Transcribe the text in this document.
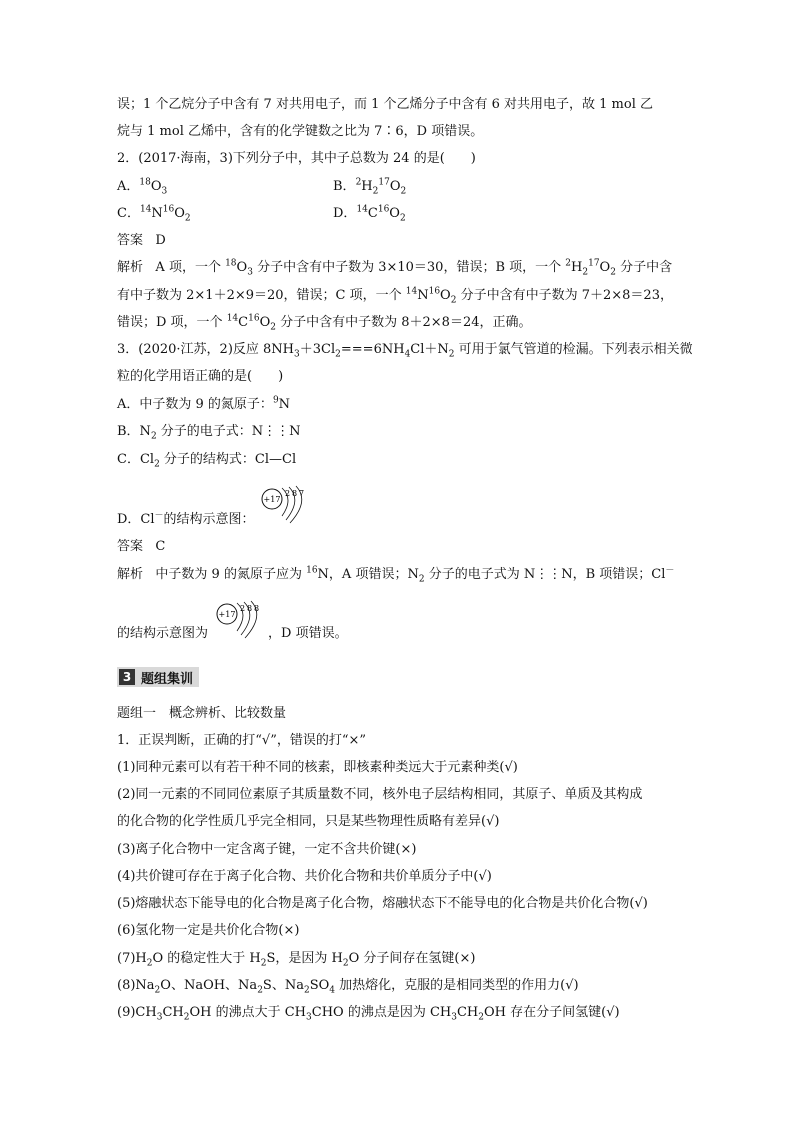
误；1 个乙烷分子中含有 7 对共用电子，而 1 个乙烯分子中含有 6 对共用电子，故 1 mol 乙
烷与 1 mol 乙烯中，含有的化学键数之比为 7∶6，D 项错误。
2．(2017·海南，3)下列分子中，其中子总数为 24 的是(　　)
A．$^{18}O_3$	B．$^2H_2^{17}O_2$
C．$^{14}N^{16}O_2$	D．$^{14}C^{16}O_2$
答案 D
解析 A 项，一个 $^{18}O_3$ 分子中含有中子数为 3×10＝30，错误；B 项，一个 $^2H_2^{17}O_2$ 分子中含
有中子数为 2×1＋2×9＝20，错误；C 项，一个 $^{14}N^{16}O_2$ 分子中含有中子数为 7＋2×8＝23，
错误；D 项，一个 $^{14}C^{16}O_2$ 分子中含有中子数为 8＋2×8＝24，正确。
3．(2020·江苏，2)反应 $8NH_3+3Cl_2===6NH_4Cl+N_2$ 可用于氯气管道的检漏。下列表示相关微
粒的化学用语正确的是(　　)
A．中子数为 9 的氮原子：$^9$N
B．$N_2$ 分子的电子式：N⋮⋮N
C．$Cl_2$ 分子的结构式：Cl—Cl
D．Cl－的结构示意图：
+17
2 8 7
答案 C
解析 中子数为 9 的氮原子应为 $^{16}$N，A 项错误；$N_2$ 分子的电子式为 N⋮⋮N，B 项错误；Cl－
+17
2 8 8
的结构示意图为	，D 项错误。
3 题组集训
题组一　概念辨析、比较数量
1．正误判断，正确的打“√”，错误的打“×”
(1)同种元素可以有若干种不同的核素，即核素种类远大于元素种类(√)
(2)同一元素的不同同位素原子其质量数不同，核外电子层结构相同，其原子、单质及其构成
的化合物的化学性质几乎完全相同，只是某些物理性质略有差异(√)
(3)离子化合物中一定含离子键，一定不含共价键(×)
(4)共价键可存在于离子化合物、共价化合物和共价单质分子中(√)
(5)熔融状态下能导电的化合物是离子化合物，熔融状态下不能导电的化合物是共价化合物(√)
(6)氢化物一定是共价化合物(×)
$(7)H_2O$ 的稳定性大于 $H_2S$，是因为 $H_2O$ 分子间存在氢键(×)
$(8)Na_2O$、NaOH、$Na_2S$、$Na_2SO_4$ 加热熔化，克服的是相同类型的作用力(√)
$(9)CH_3CH_2OH$ 的沸点大于 $CH_3CHO$ 的沸点是因为 $CH_3CH_2OH$ 存在分子间氢键(√)
